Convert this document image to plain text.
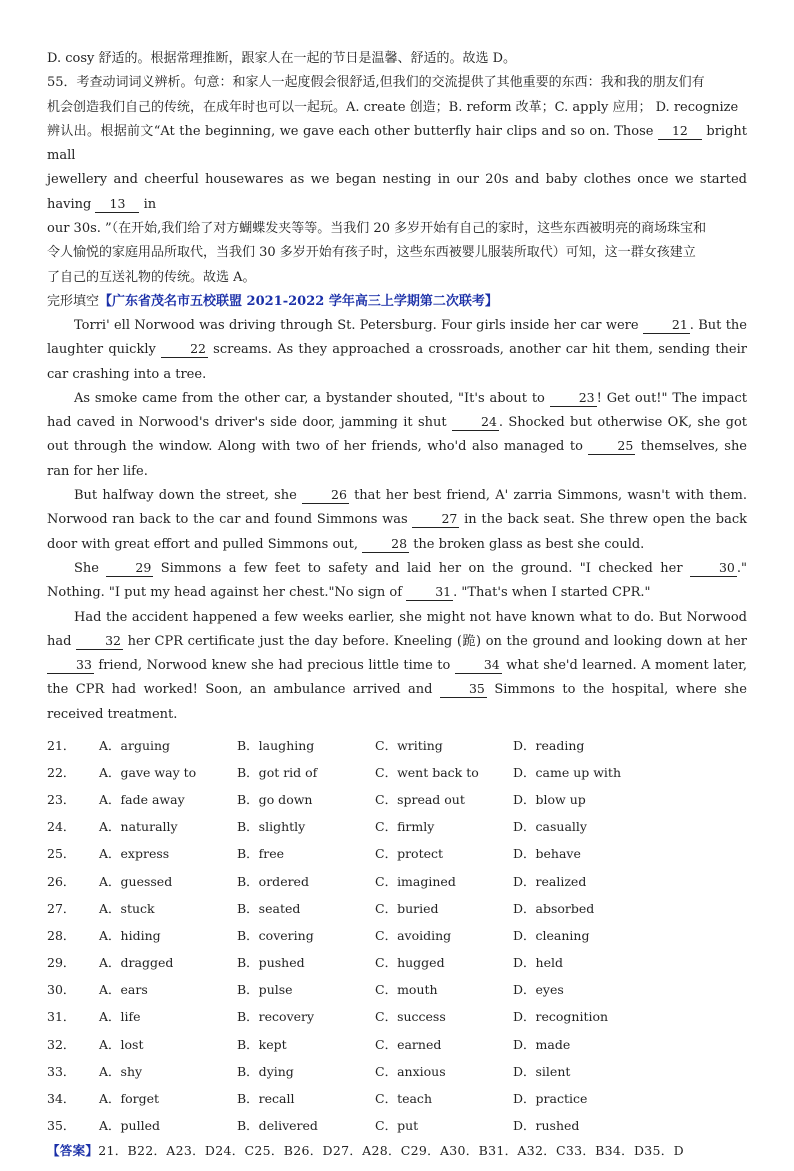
D. cosy 舒适的。根据常理推断，跟家人在一起的节日是温馨、舒适的。故选 D。

55．考查动词词义辨析。句意：和家人一起度假会很舒适,但我们的交流提供了其他重要的东西：我和我的朋友们有

机会创造我们自己的传统，在成年时也可以一起玩。A. create 创造；B. reform 改革；C. apply 应用； D. recognize

辨认出。根据前文“At the beginning, we gave each other butterfly hair clips and so on. Those 12 bright mall

jewellery and cheerful housewares as we began nesting in our 20s and baby clothes once we started having 13 in

our 30s. ”（在开始,我们给了对方蝴蝶发夹等等。当我们 20 多岁开始有自己的家时，这些东西被明亮的商场珠宝和

令人愉悦的家庭用品所取代，当我们 30 多岁开始有孩子时，这些东西被婴儿服装所取代）可知，这一群女孩建立

了自己的互送礼物的传统。故选 A。

完形填空【广东省茂名市五校联盟 2021-2022 学年高三上学期第二次联考】

Torri' ell Norwood was driving through St. Petersburg. Four girls inside her car were 21 . But the laughter quickly 22 screams. As they approached a crossroads, another car hit them, sending their car crashing into a tree.

As smoke came from the other car, a bystander shouted, "It's about to 23 ! Get out!" The impact had caved in Norwood's driver's side door, jamming it shut 24 . Shocked but otherwise OK, she got out through the window. Along with two of her friends, who'd also managed to 25 themselves, she ran for her life.

But halfway down the street, she 26 that her best friend, A' zarria Simmons, wasn't with them. Norwood ran back to the car and found Simmons was 27 in the back seat. She threw open the back door with great effort and pulled Simmons out, 28 the broken glass as best she could.

She 29 Simmons a few feet to safety and laid her on the ground. "I checked her 30 ." Nothing. "I put my head against her chest."No sign of 31 . "That's when I started CPR."

Had the accident happened a few weeks earlier, she might not have known what to do. But Norwood had 32 her CPR certificate just the day before. Kneeling (跪) on the ground and looking down at her 33 friend, Norwood knew she had precious little time to 34 what she'd learned. A moment later, the CPR had worked! Soon, an ambulance arrived and 35 Simmons to the hospital, where she received treatment.

21．	A．arguing	B．laughing	C．writing	D．reading
22．	A．gave way to	B．got rid of	C．went back to	D．came up with
23．	A．fade away	B．go down	C．spread out	D．blow up
24．	A．naturally	B．slightly	C．firmly	D．casually
25．	A．express	B．free	C．protect	D．behave
26．	A．guessed	B．ordered	C．imagined	D．realized
27．	A．stuck	B．seated	C．buried	D．absorbed
28．	A．hiding	B．covering	C．avoiding	D．cleaning
29．	A．dragged	B．pushed	C．hugged	D．held
30．	A．ears	B．pulse	C．mouth	D．eyes
31．	A．life	B．recovery	C．success	D．recognition
32．	A．lost	B．kept	C．earned	D．made
33．	A．shy	B．dying	C．anxious	D．silent
34．	A．forget	B．recall	C．teach	D．practice
35．	A．pulled	B．delivered	C．put	D．rushed

【答案】21．B22．A23．D24．C25．B26．D27．A28．C29．A30．B31．A32．C33．B34．D35．D
